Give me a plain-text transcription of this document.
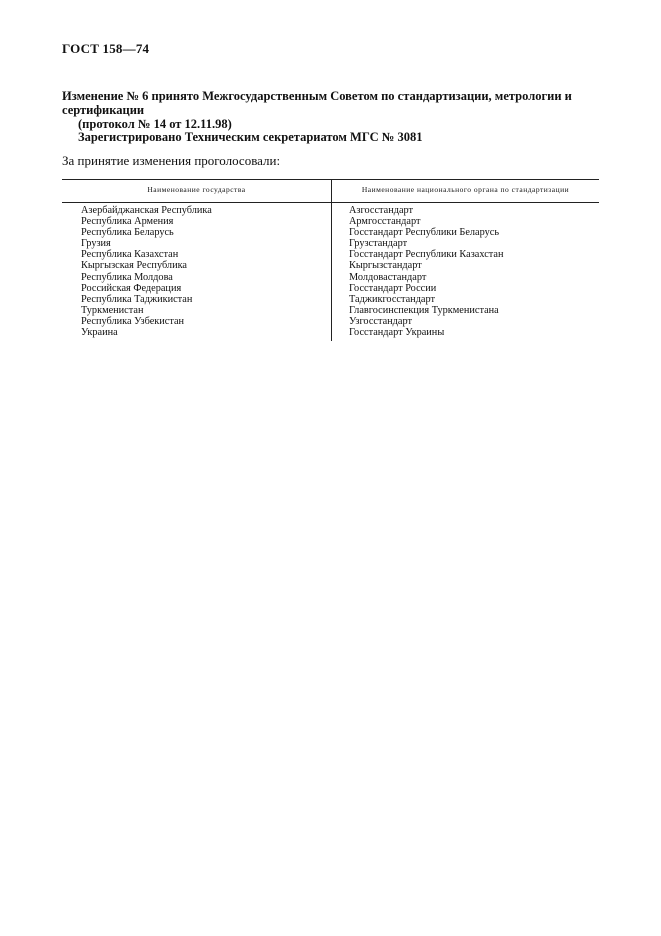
ГОСТ 158—74
Изменение № 6 принято Межгосударственным Советом по стандартизации, метрологии и сертификации
(протокол № 14 от 12.11.98)
Зарегистрировано Техническим секретариатом МГС № 3081
За принятие изменения проголосовали:
Наименование государства	Наименование национального органа по стандартизации
Азербайджанская Республика
Республика Армения
Республика Беларусь
Грузия
Республика Казахстан
Кыргызская Республика
Республика Молдова
Российская Федерация
Республика Таджикистан
Туркменистан
Республика Узбекистан
Украина
Азгосстандарт
Армгосстандарт
Госстандарт Республики Беларусь
Грузстандарт
Госстандарт Республики Казахстан
Кыргызстандарт
Молдовастандарт
Госстандарт России
Таджикгосстандарт
Главгосинспекция Туркменистана
Узгосстандарт
Госстандарт Украины
